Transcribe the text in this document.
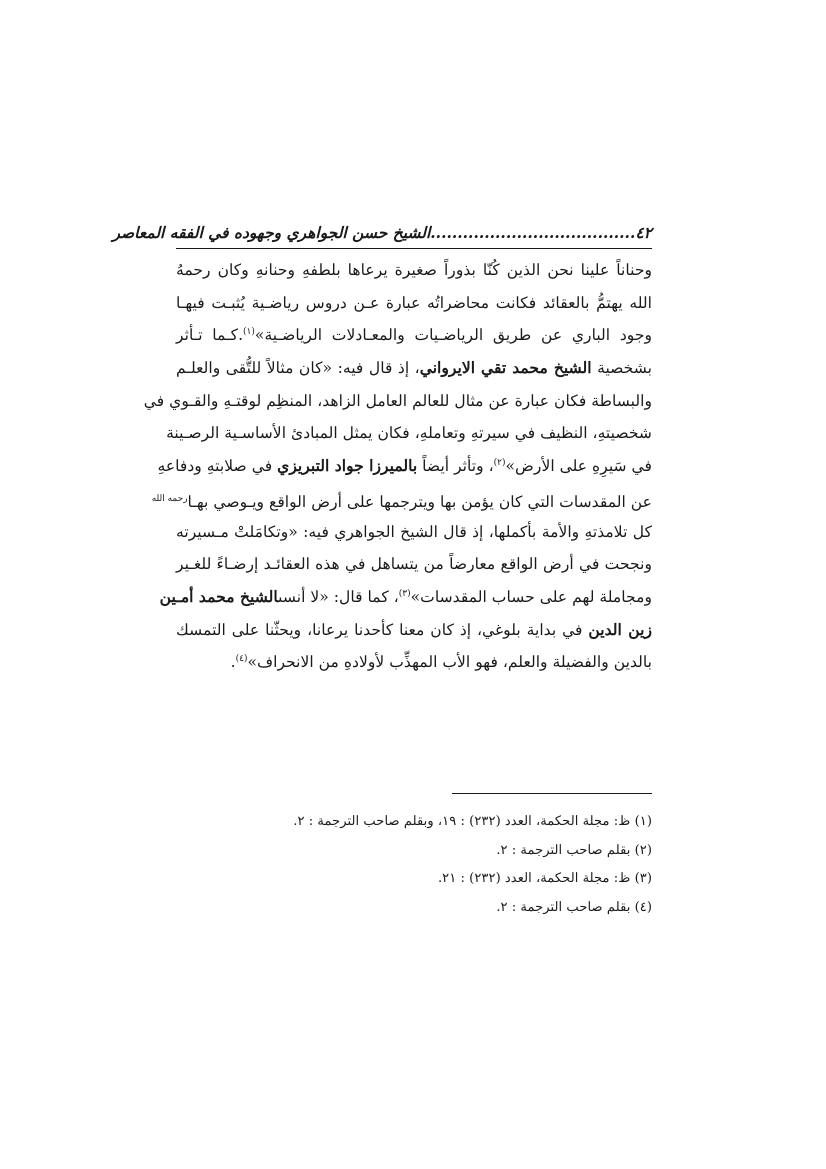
٤٢......................................الشيخ حسن الجواهري وجهوده في الفقه المعاصر
وحناناً علينا نحن الذين كُنّا بذوراً صغيرة يرعاها بلطفهِ وحنانهِ وكان رحمهُ
الله يهتمُّ بالعقائد فكانت محاضراتُه عبارة عـن دروس رياضـية يُثبـت فيهـا
وجود الباري عن طريق الرياضـيات والمعـادلات الرياضـية»$^{(١)}$.كـما تـأثر
بشخصية الشيخ محمد تقي الايرواني، إذ قال فيه: «كان مثالاً للتُّقى والعلـم
والبساطة فكان عبارة عن مثال للعالم العامل الزاهد، المنظِم لوقتـهِ والقـوي في
شخصيتهِ، النظيف في سيرتهِ وتعاملهِ، فكان يمثل المبادئ الأساسـية الرصـينة
في سَيرِهِ على الأرض»$^{(٢)}$، وتأثر أيضاً بالميرزا جواد التبريزي في صلابتهِ ودفاعهِ
عن المقدسات التي كان يؤمن بها ويترجمها على أرض الواقع ويـوصي بهـا$^{رحمه الله}$
كل تلامذتهِ والأمة بأكملها، إذ قال الشيخ الجواهري فيه: «وتكامَلتْ مـسيرته
ونجحت في أرض الواقع معارضاً من يتساهل في هذه العقائـد إرضـاءً للغـير
ومجاملة لهم على حساب المقدسات»$^{(٣)}$، كما قال: «لا أنسىالشيخ محمد أمـين
زين الدين في بداية بلوغي، إذ كان معنا كأحدنا يرعانا، ويحثّنا على التمسك
بالدين والفضيلة والعلم، فهو الأب المهذِّب لأولادهِ من الانحراف»$^{(٤)}$.
(١) ظ: مجلة الحكمة، العدد (٢٣٢) : ١٩، وبقلم صاحب الترجمة : ٢.
(٢) بقلم صاحب الترجمة : ٢.
(٣) ظ: مجلة الحكمة، العدد (٢٣٢) : ٢١.
(٤) بقلم صاحب الترجمة : ٢.
